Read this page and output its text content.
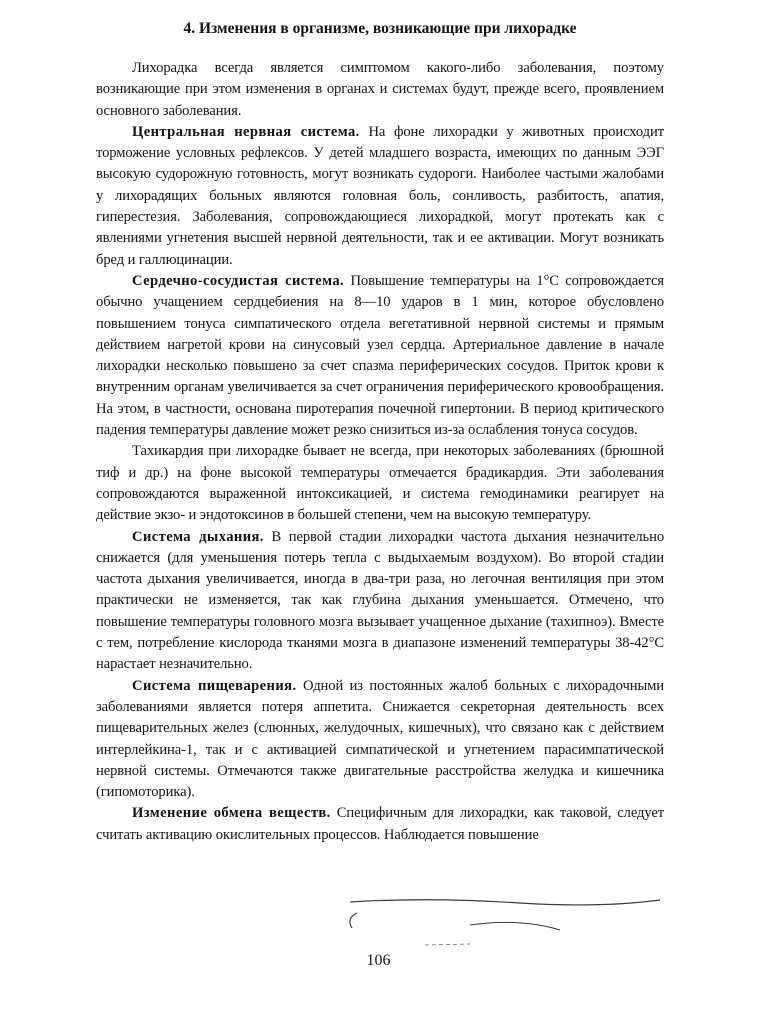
4. Изменения в организме, возникающие при лихорадке

Лихорадка всегда является симптомом какого-либо заболевания, поэтому возникающие при этом изменения в органах и системах будут, прежде всего, проявлением основного заболевания.

Центральная нервная система. На фоне лихорадки у животных происходит торможение условных рефлексов. У детей младшего возраста, имеющих по данным ЭЭГ высокую судорожную готовность, могут возникать судороги. Наиболее частыми жалобами у лихорадящих больных являются головная боль, сонливость, разбитость, апатия, гиперестезия. Заболевания, сопровождающиеся лихорадкой, могут протекать как с явлениями угнетения высшей нервной деятельности, так и ее активации. Могут возникать бред и галлюцинации.

Сердечно-сосудистая система. Повышение температуры на 1°С сопровождается обычно учащением сердцебиения на 8—10 ударов в 1 мин, которое обусловлено повышением тонуса симпатического отдела вегетативной нервной системы и прямым действием нагретой крови на синусовый узел сердца. Артериальное давление в начале лихорадки несколько повышено за счет спазма периферических сосудов. Приток крови к внутренним органам увеличивается за счет ограничения периферического кровообращения. На этом, в частности, основана пиротерапия почечной гипертонии. В период критического падения температуры давление может резко снизиться из-за ослабления тонуса сосудов.

Тахикардия при лихорадке бывает не всегда, при некоторых заболеваниях (брюшной тиф и др.) на фоне высокой температуры отмечается брадикардия. Эти заболевания сопровождаются выраженной интоксикацией, и система гемодинамики реагирует на действие экзо- и эндотоксинов в большей степени, чем на высокую температуру.

Система дыхания. В первой стадии лихорадки частота дыхания незначительно снижается (для уменьшения потерь тепла с выдыхаемым воздухом). Во второй стадии частота дыхания увеличивается, иногда в два-три раза, но легочная вентиляция при этом практически не изменяется, так как глубина дыхания уменьшается. Отмечено, что повышение температуры головного мозга вызывает учащенное дыхание (тахипноэ). Вместе с тем, потребление кислорода тканями мозга в диапазоне изменений температуры 38-42°С нарастает незначительно.

Система пищеварения. Одной из постоянных жалоб больных с лихорадочными заболеваниями является потеря аппетита. Снижается секреторная деятельность всех пищеварительных желез (слюнных, желудочных, кишечных), что связано как с действием интерлейкина-1, так и с активацией симпатической и угнетением парасимпатической нервной системы. Отмечаются также двигательные расстройства желудка и кишечника (гипомоторика).

Изменение обмена веществ. Специфичным для лихорадки, как таковой, следует считать активацию окислительных процессов. Наблюдается повышение

106
